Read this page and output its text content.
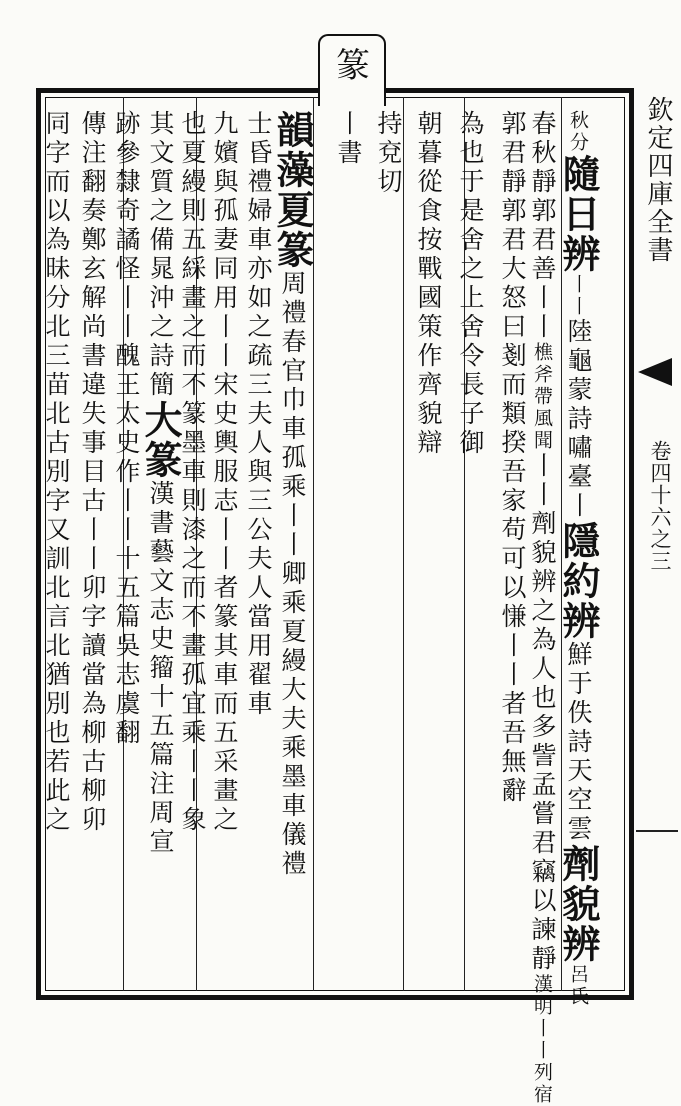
篆
欽定四庫全書
卷四十六之三
秋分隨日辨丨丨陸龜蒙詩嘯臺丨隱約辨鮮于佚詩天空雲劑貌辨呂氏
春秋靜郭君善丨丨樵斧帶風聞丨丨劑貌辨之為人也多訾孟嘗君竊以諫靜漢明丨丨列宿
郭君靜郭君大怒曰剗而類揆吾家苟可以慊丨丨者吾無辭
為也于是舍之上舍令長子御
朝暮從食按戰國策作齊貌辯
持兗切
丨書
韻藻夏篆周禮春官巾車孤乘丨丨卿乘夏縵大夫乘墨車儀禮
士昏禮婦車亦如之疏三夫人與三公夫人當用翟車
九嬪與孤妻同用丨丨宋史輿服志丨丨者篆其車而五采畫之
也夏縵則五綵畫之而不篆墨車則漆之而不畫孤宜乘丨丨象
其文質之備晁沖之詩簡大篆漢書藝文志史籀十五篇注周宣
跡參隸奇譎怪丨丨醜王太史作丨丨十五篇吳志虞翻
傳注翻奏鄭玄解尚書違失事目古丨丨卯字讀當為柳古柳卯
同字而以為昧分北三苗北古別字又訓北言北猶別也若此之
